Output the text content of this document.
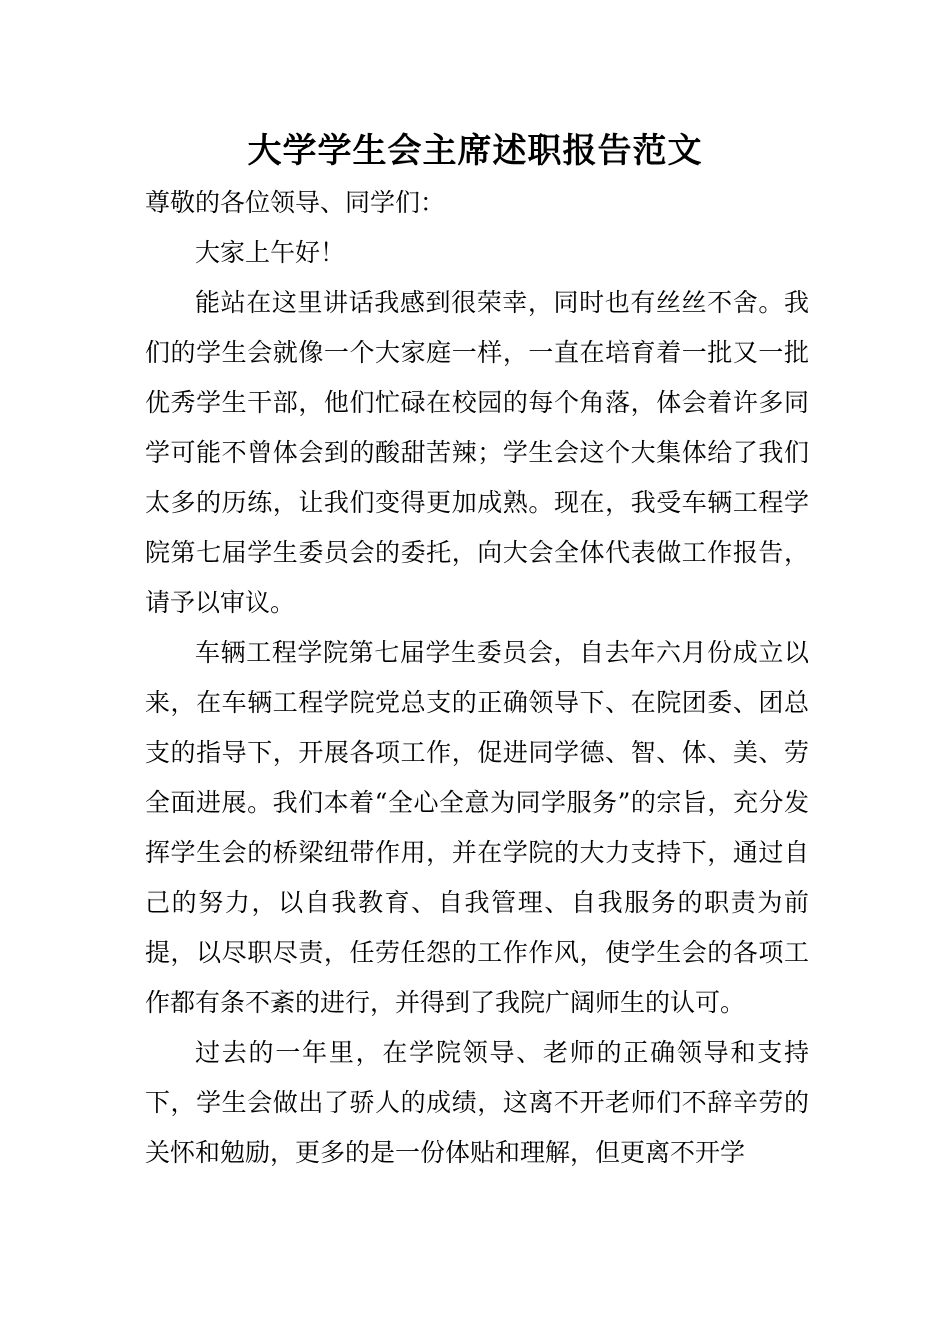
大学学生会主席述职报告范文

尊敬的各位领导、同学们：

大家上午好！

能站在这里讲话我感到很荣幸，同时也有丝丝不舍。我们的学生会就像一个大家庭一样，一直在培育着一批又一批优秀学生干部，他们忙碌在校园的每个角落，体会着许多同学可能不曾体会到的酸甜苦辣；学生会这个大集体给了我们太多的历练，让我们变得更加成熟。现在，我受车辆工程学院第七届学生委员会的委托，向大会全体代表做工作报告，请予以审议。

车辆工程学院第七届学生委员会，自去年六月份成立以来，在车辆工程学院党总支的正确领导下、在院团委、团总支的指导下，开展各项工作，促进同学德、智、体、美、劳全面进展。我们本着“全心全意为同学服务”的宗旨，充分发挥学生会的桥梁纽带作用，并在学院的大力支持下，通过自己的努力，以自我教育、自我管理、自我服务的职责为前提，以尽职尽责，任劳任怨的工作作风，使学生会的各项工作都有条不紊的进行，并得到了我院广阔师生的认可。

过去的一年里，在学院领导、老师的正确领导和支持下，学生会做出了骄人的成绩，这离不开老师们不辞辛劳的关怀和勉励，更多的是一份体贴和理解，但更离不开学
